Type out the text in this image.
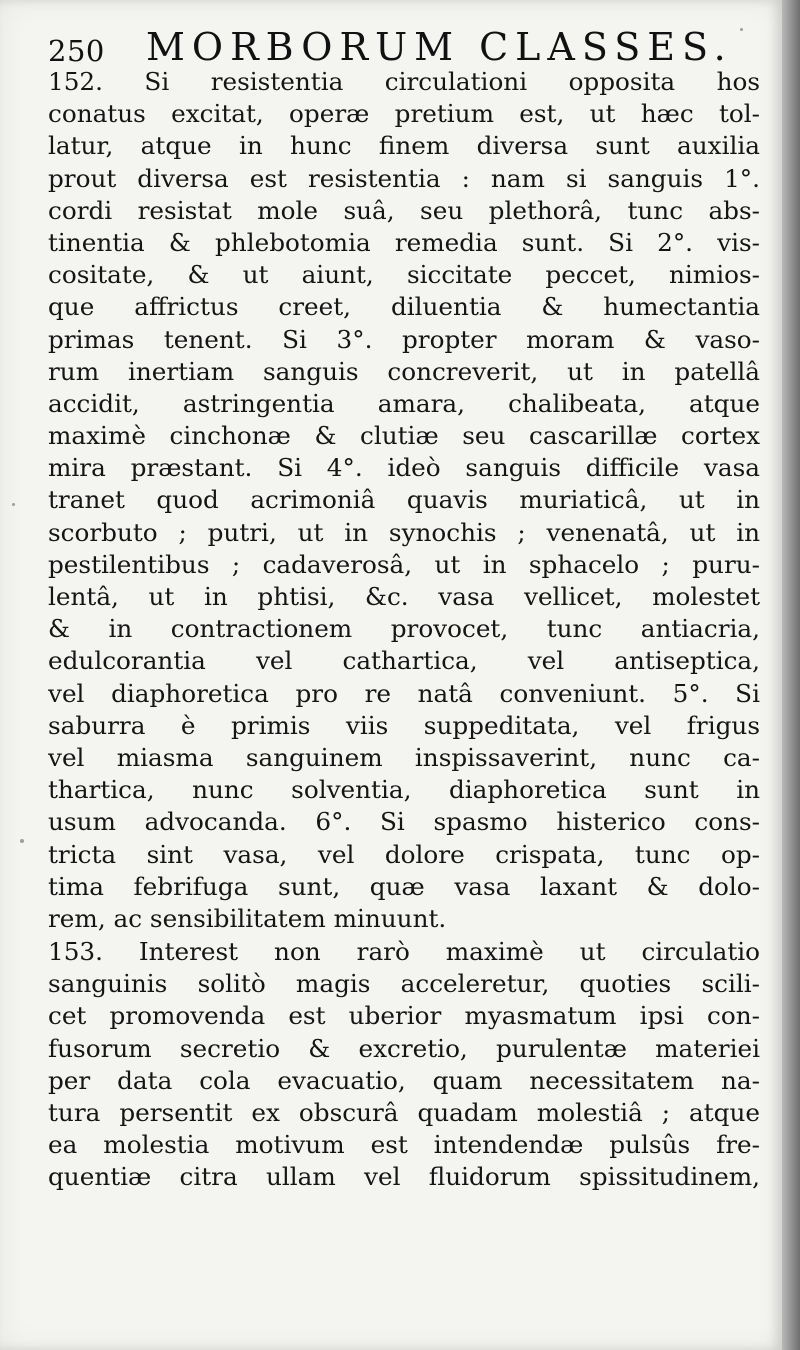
250 MORBORUM CLASSES.
152. Si resistentia circulationi opposita hos
conatus excitat, operæ pretium est, ut hæc tol-
latur, atque in hunc finem diversa sunt auxilia
prout diversa est resistentia : nam si sanguis 1°.
cordi resistat mole suâ, seu plethorâ, tunc abs-
tinentia & phlebotomia remedia sunt. Si 2°. vis-
cositate, & ut aiunt, siccitate peccet, nimios-
que affrictus creet, diluentia & humectantia
primas tenent. Si 3°. propter moram & vaso-
rum inertiam sanguis concreverit, ut in patellâ
accidit, astringentia amara, chalibeata, atque
maximè cinchonæ & clutiæ seu cascarillæ cortex
mira præstant. Si 4°. ideò sanguis difficile vasa
tranet quod acrimoniâ quavis muriaticâ, ut in
scorbuto ; putri, ut in synochis ; venenatâ, ut in
pestilentibus ; cadaverosâ, ut in sphacelo ; puru-
lentâ, ut in phtisi, &c. vasa vellicet, molestet
& in contractionem provocet, tunc antiacria,
edulcorantia vel cathartica, vel antiseptica,
vel diaphoretica pro re natâ conveniunt. 5°. Si
saburra è primis viis suppeditata, vel frigus
vel miasma sanguinem inspissaverint, nunc ca-
thartica, nunc solventia, diaphoretica sunt in
usum advocanda. 6°. Si spasmo histerico cons-
tricta sint vasa, vel dolore crispata, tunc op-
tima febrifuga sunt, quæ vasa laxant & dolo-
rem, ac sensibilitatem minuunt.
153. Interest non rarò maximè ut circulatio
sanguinis solitò magis acceleretur, quoties scili-
cet promovenda est uberior myasmatum ipsi con-
fusorum secretio & excretio, purulentæ materiei
per data cola evacuatio, quam necessitatem na-
tura persentit ex obscurâ quadam molestiâ ; atque
ea molestia motivum est intendendæ pulsûs fre-
quentiæ citra ullam vel fluidorum spissitudinem,
